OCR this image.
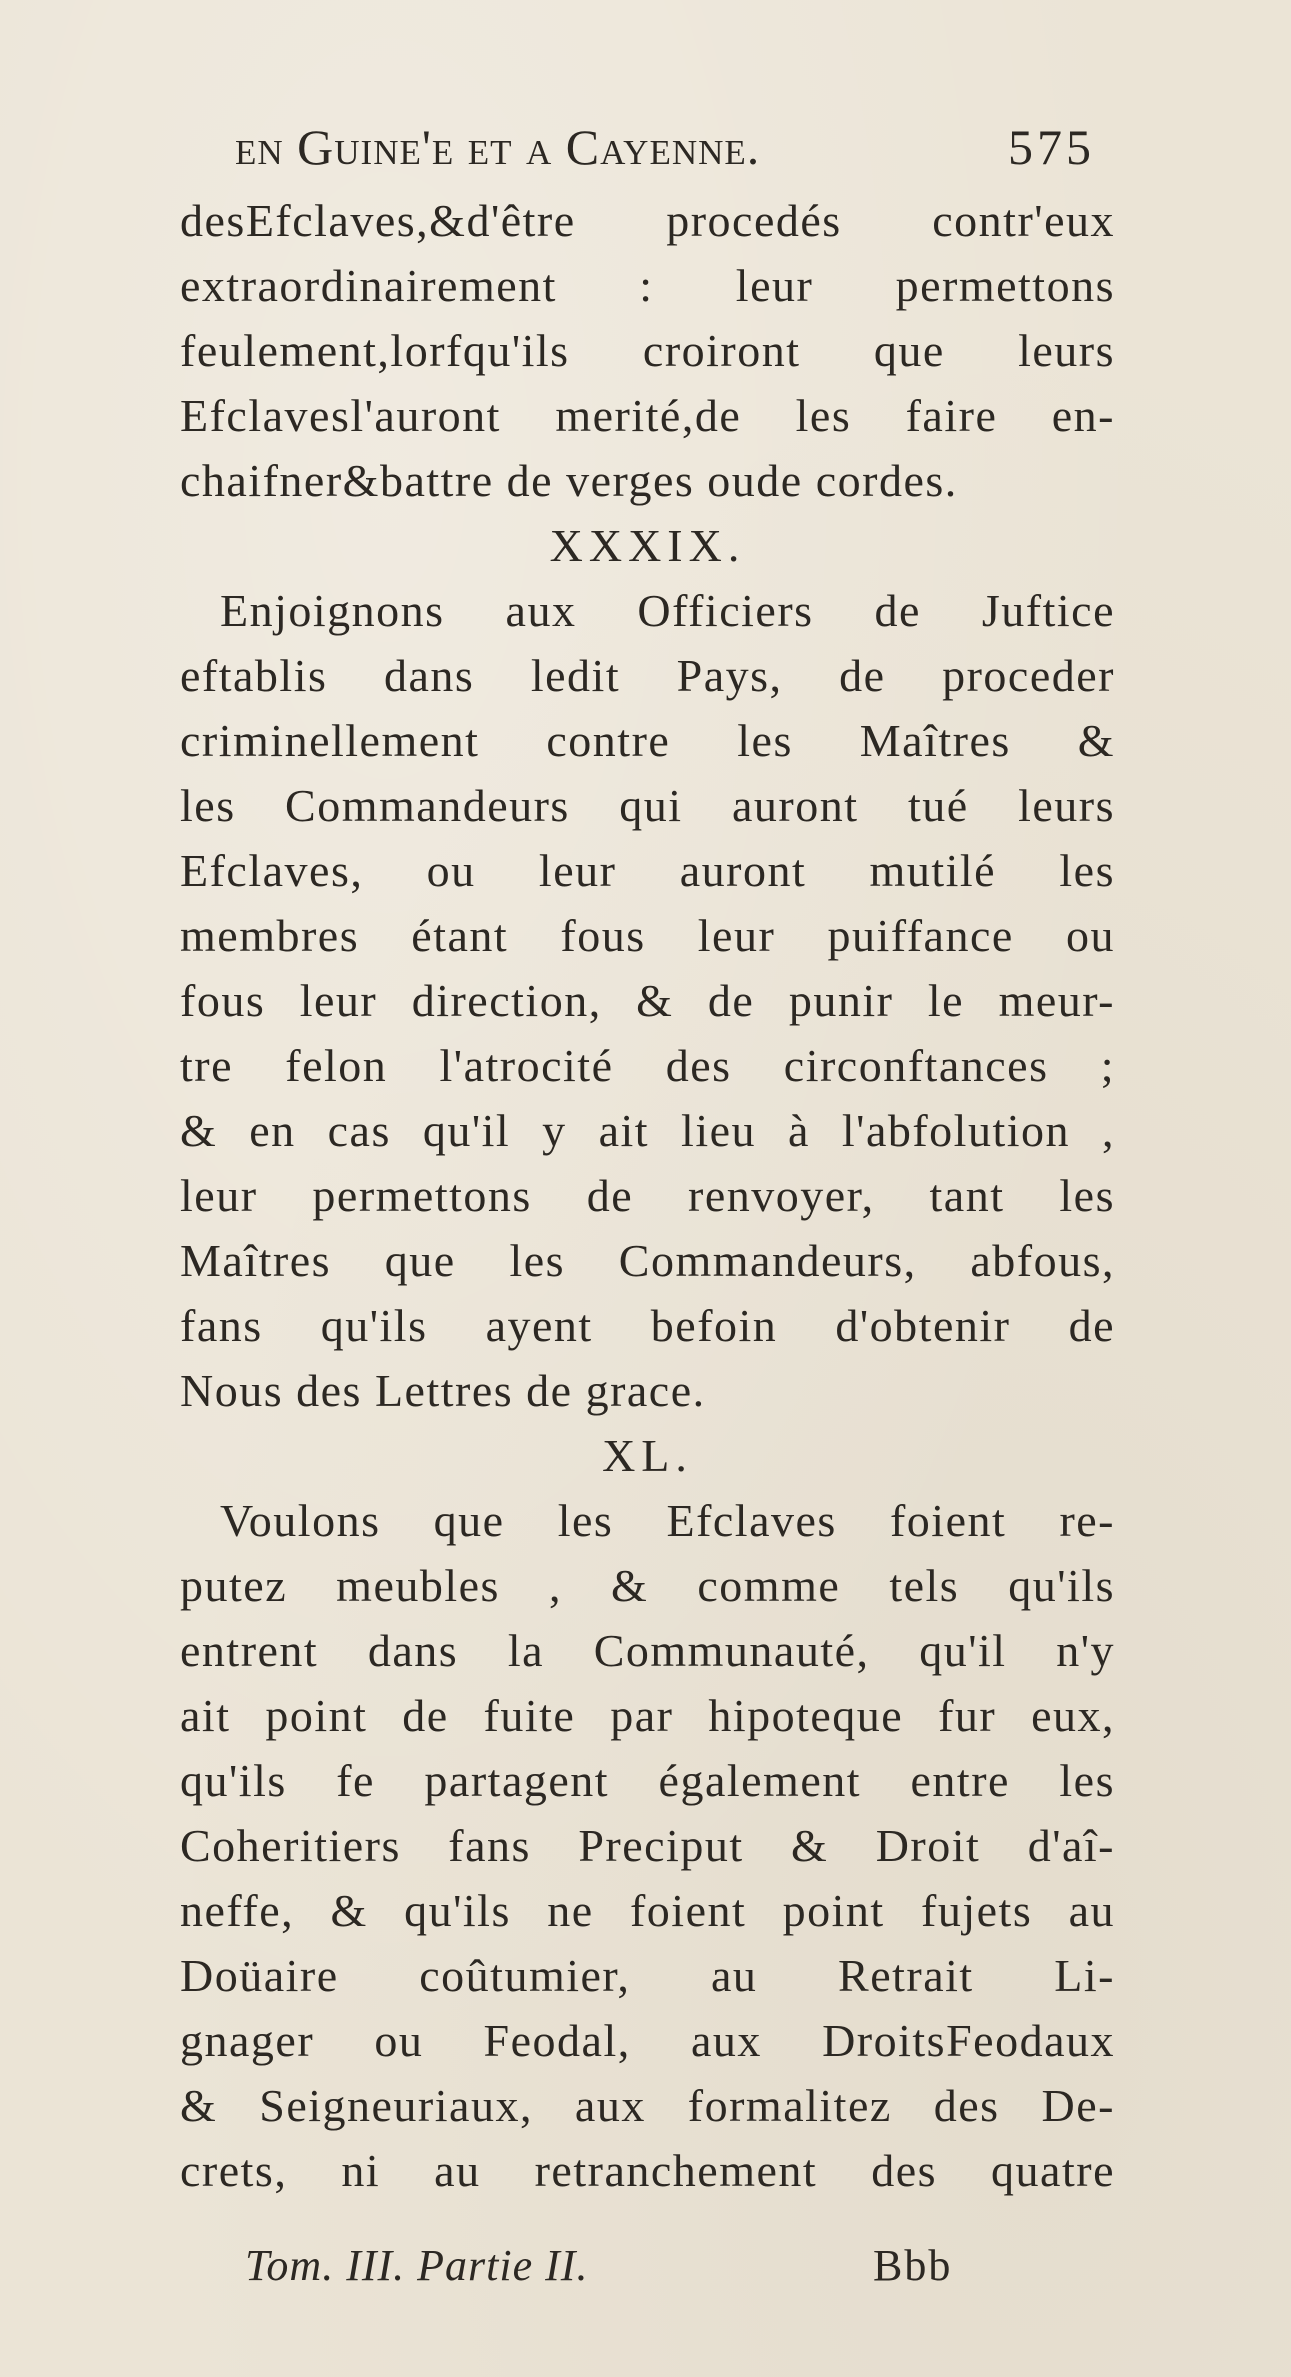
en Guine'e et a Cayenne.	575
desEfclaves,&d'être procedés contr'eux
extraordinairement : leur permettons
feulement,lorfqu'ils croiront que leurs
Efclavesl'auront merité,de les faire en-
chaifner&battre de verges oude cordes.
XXXIX.
Enjoignons aux Officiers de Juftice
eftablis dans ledit Pays, de proceder
criminellement contre les Maîtres &
les Commandeurs qui auront tué leurs
Efclaves, ou leur auront mutilé les
membres étant fous leur puiffance ou
fous leur direction, & de punir le meur-
tre felon l'atrocité des circonftances ;
& en cas qu'il y ait lieu à l'abfolution ,
leur permettons de renvoyer, tant les
Maîtres que les Commandeurs, abfous,
fans qu'ils ayent befoin d'obtenir de
Nous des Lettres de grace.
XL.
Voulons que les Efclaves foient re-
putez meubles , & comme tels qu'ils
entrent dans la Communauté, qu'il n'y
ait point de fuite par hipoteque fur eux,
qu'ils fe partagent également entre les
Coheritiers fans Preciput & Droit d'aî-
neffe, & qu'ils ne foient point fujets au
Doüaire coûtumier, au Retrait Li-
gnager ou Feodal, aux DroitsFeodaux
& Seigneuriaux, aux formalitez des De-
crets, ni au retranchement des quatre
Tom. III. Partie II.	Bbb
